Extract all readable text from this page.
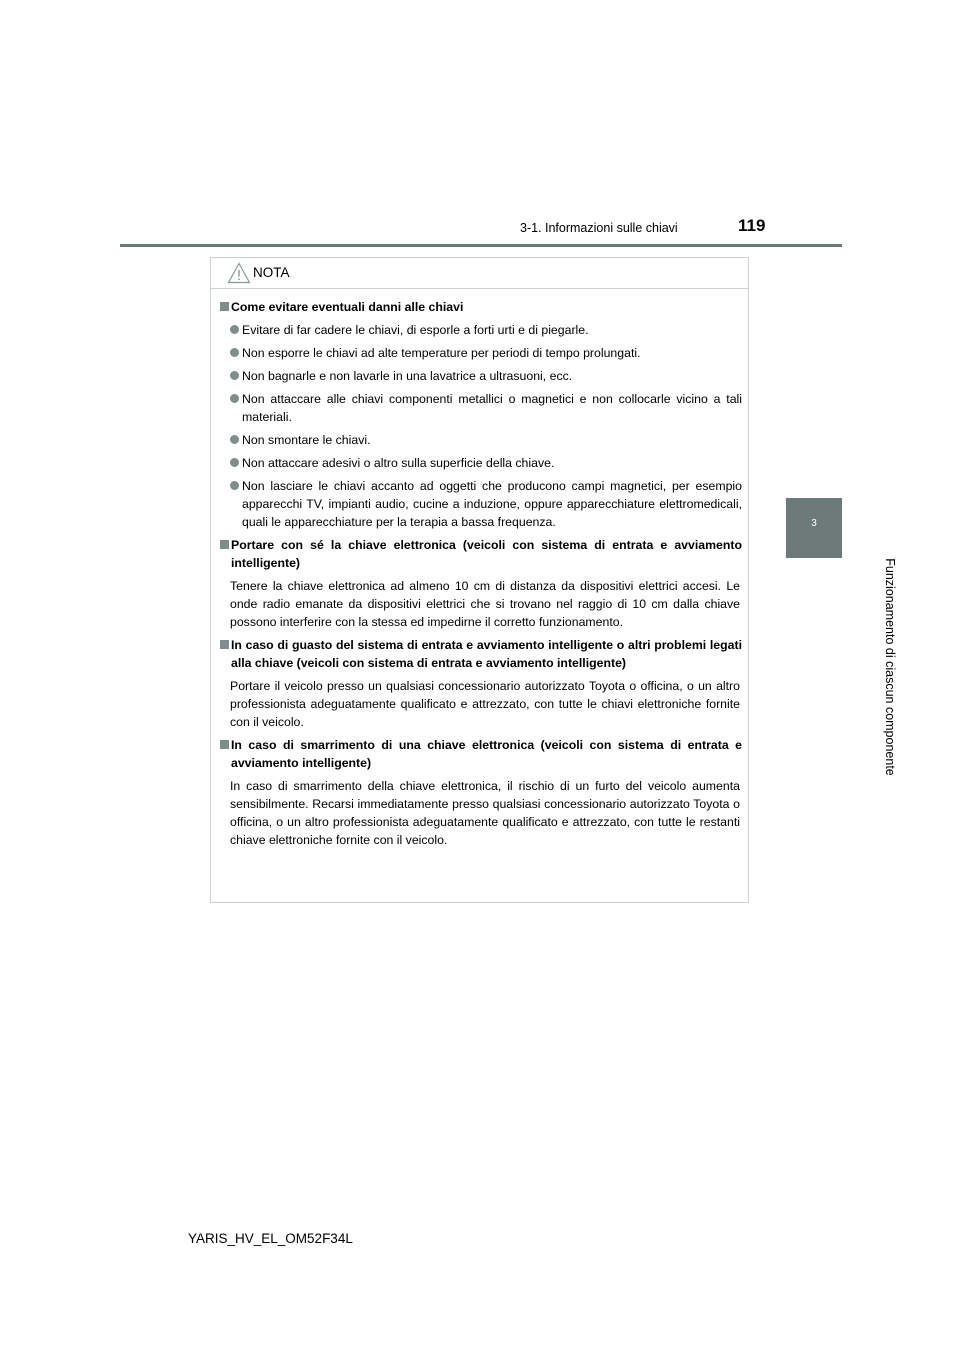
3-1. Informazioni sulle chiavi	119
3
Funzionamento di ciascun componente
NOTA
Come evitare eventuali danni alle chiavi
Evitare di far cadere le chiavi, di esporle a forti urti e di piegarle.
Non esporre le chiavi ad alte temperature per periodi di tempo prolungati.
Non bagnarle e non lavarle in una lavatrice a ultrasuoni, ecc.
Non attaccare alle chiavi componenti metallici o magnetici e non collocarle vicino a tali materiali.
Non smontare le chiavi.
Non attaccare adesivi o altro sulla superficie della chiave.
Non lasciare le chiavi accanto ad oggetti che producono campi magnetici, per esempio apparecchi TV, impianti audio, cucine a induzione, oppure apparecchiature elettromedicali, quali le apparecchiature per la terapia a bassa frequenza.
Portare con sé la chiave elettronica (veicoli con sistema di entrata e avviamento intelligente)
Tenere la chiave elettronica ad almeno 10 cm di distanza da dispositivi elettrici accesi. Le onde radio emanate da dispositivi elettrici che si trovano nel raggio di 10 cm dalla chiave possono interferire con la stessa ed impedirne il corretto funzionamento.
In caso di guasto del sistema di entrata e avviamento intelligente o altri problemi legati alla chiave (veicoli con sistema di entrata e avviamento intelligente)
Portare il veicolo presso un qualsiasi concessionario autorizzato Toyota o officina, o un altro professionista adeguatamente qualificato e attrezzato, con tutte le chiavi elettroniche fornite con il veicolo.
In caso di smarrimento di una chiave elettronica (veicoli con sistema di entrata e avviamento intelligente)
In caso di smarrimento della chiave elettronica, il rischio di un furto del veicolo aumenta sensibilmente. Recarsi immediatamente presso qualsiasi concessionario autorizzato Toyota o officina, o un altro professionista adeguatamente qualificato e attrezzato, con tutte le restanti chiave elettroniche fornite con il veicolo.
YARIS_HV_EL_OM52F34L
